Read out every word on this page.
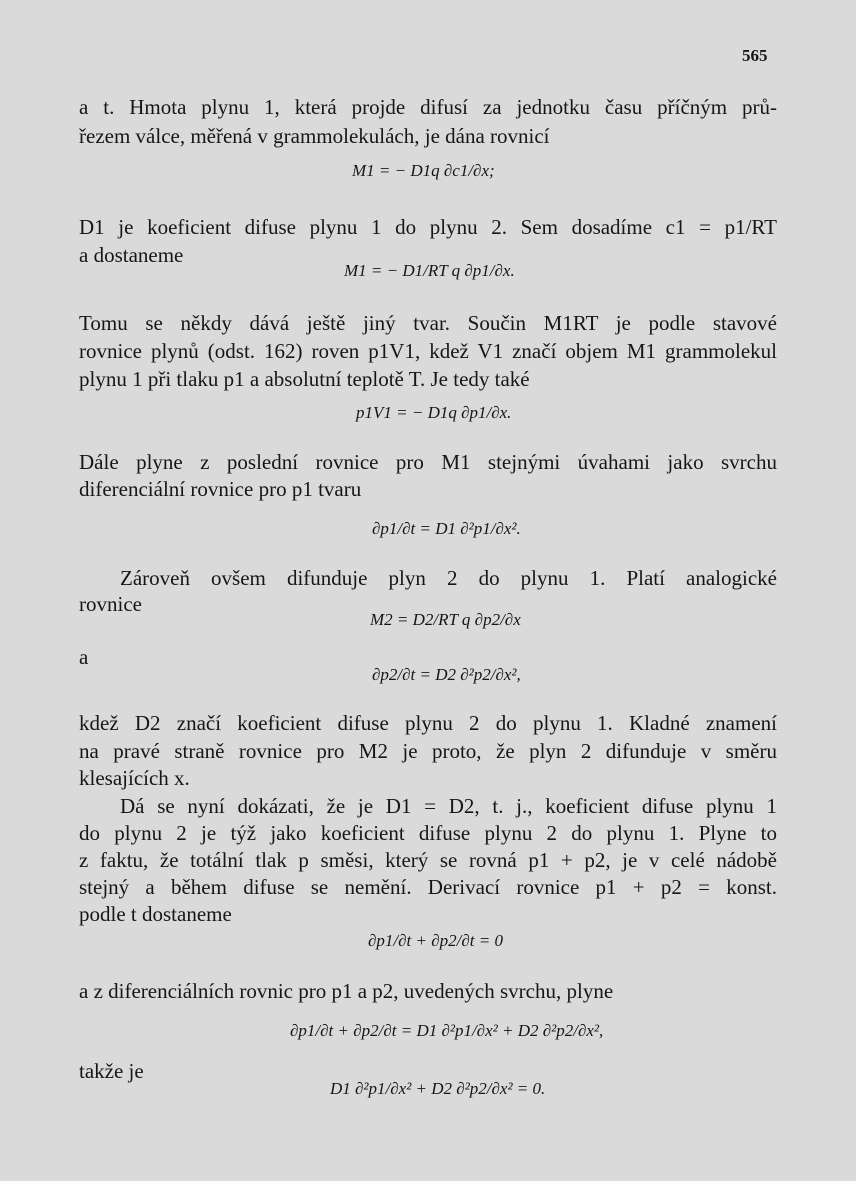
565
a t. Hmota plynu 1, která projde difusí za jednotku času příčným prů-
řezem válce, měřená v grammolekulách, je dána rovnicí
M1 = − D1q ∂c1/∂x;
D1 je koeficient difuse plynu 1 do plynu 2. Sem dosadíme c1 = p1/RT
a dostaneme
M1 = − D1/RT q ∂p1/∂x.
Tomu se někdy dává ještě jiný tvar. Součin M1RT je podle stavové
rovnice plynů (odst. 162) roven p1V1, kdež V1 značí objem M1 grammolekul
plynu 1 při tlaku p1 a absolutní teplotě T. Je tedy také
p1V1 = − D1q ∂p1/∂x.
Dále plyne z poslední rovnice pro M1 stejnými úvahami jako svrchu
diferenciální rovnice pro p1 tvaru
∂p1/∂t = D1 ∂²p1/∂x².
Zároveň ovšem difunduje plyn 2 do plynu 1. Platí analogické
rovnice
M2 = D2/RT q ∂p2/∂x
a
∂p2/∂t = D2 ∂²p2/∂x²,
kdež D2 značí koeficient difuse plynu 2 do plynu 1. Kladné znamení
na pravé straně rovnice pro M2 je proto, že plyn 2 difunduje v směru
klesajících x.
Dá se nyní dokázati, že je D1 = D2, t. j., koeficient difuse plynu 1
do plynu 2 je týž jako koeficient difuse plynu 2 do plynu 1. Plyne to
z faktu, že totální tlak p směsi, který se rovná p1 + p2, je v celé nádobě
stejný a během difuse se nemění. Derivací rovnice p1 + p2 = konst.
podle t dostaneme
∂p1/∂t + ∂p2/∂t = 0
a z diferenciálních rovnic pro p1 a p2, uvedených svrchu, plyne
∂p1/∂t + ∂p2/∂t = D1 ∂²p1/∂x² + D2 ∂²p2/∂x²,
takže je
D1 ∂²p1/∂x² + D2 ∂²p2/∂x² = 0.
